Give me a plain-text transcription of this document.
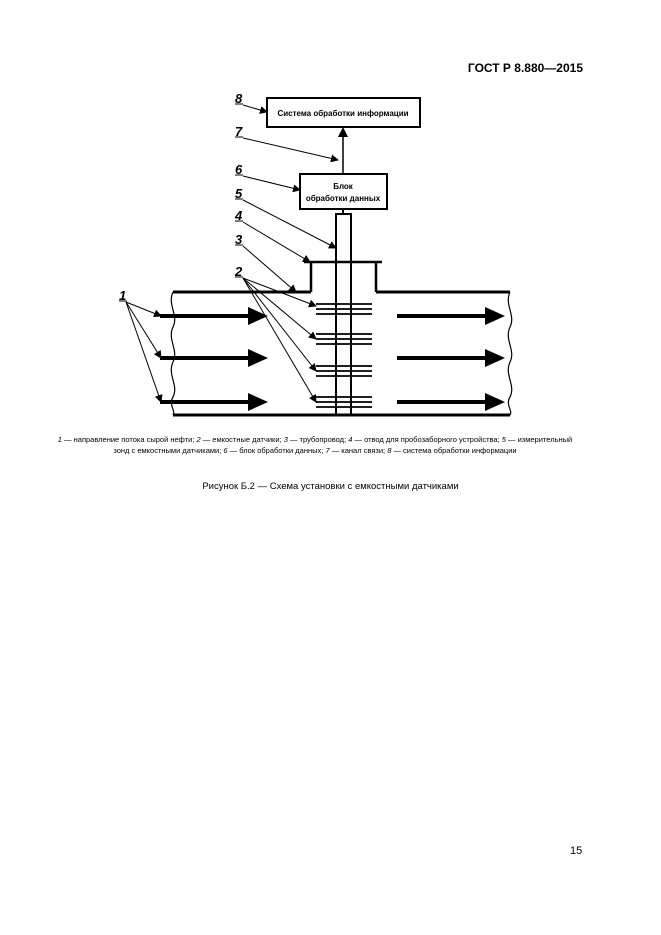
ГОСТ Р 8.880—2015
Система обработки информации
Блок
обработки данных
1
2
3
4
5
6
7
8
1 — направление потока сырой нефти; 2 — емкостные датчики; 3 — трубопровод; 4 — отвод для пробозаборного устройства; 5 — измерительный зонд с емкостными датчиками; 6 — блок обработки данных; 7 — канал связи; 8 — система обработки информации
Рисунок Б.2 — Схема установки с емкостными датчиками
15
